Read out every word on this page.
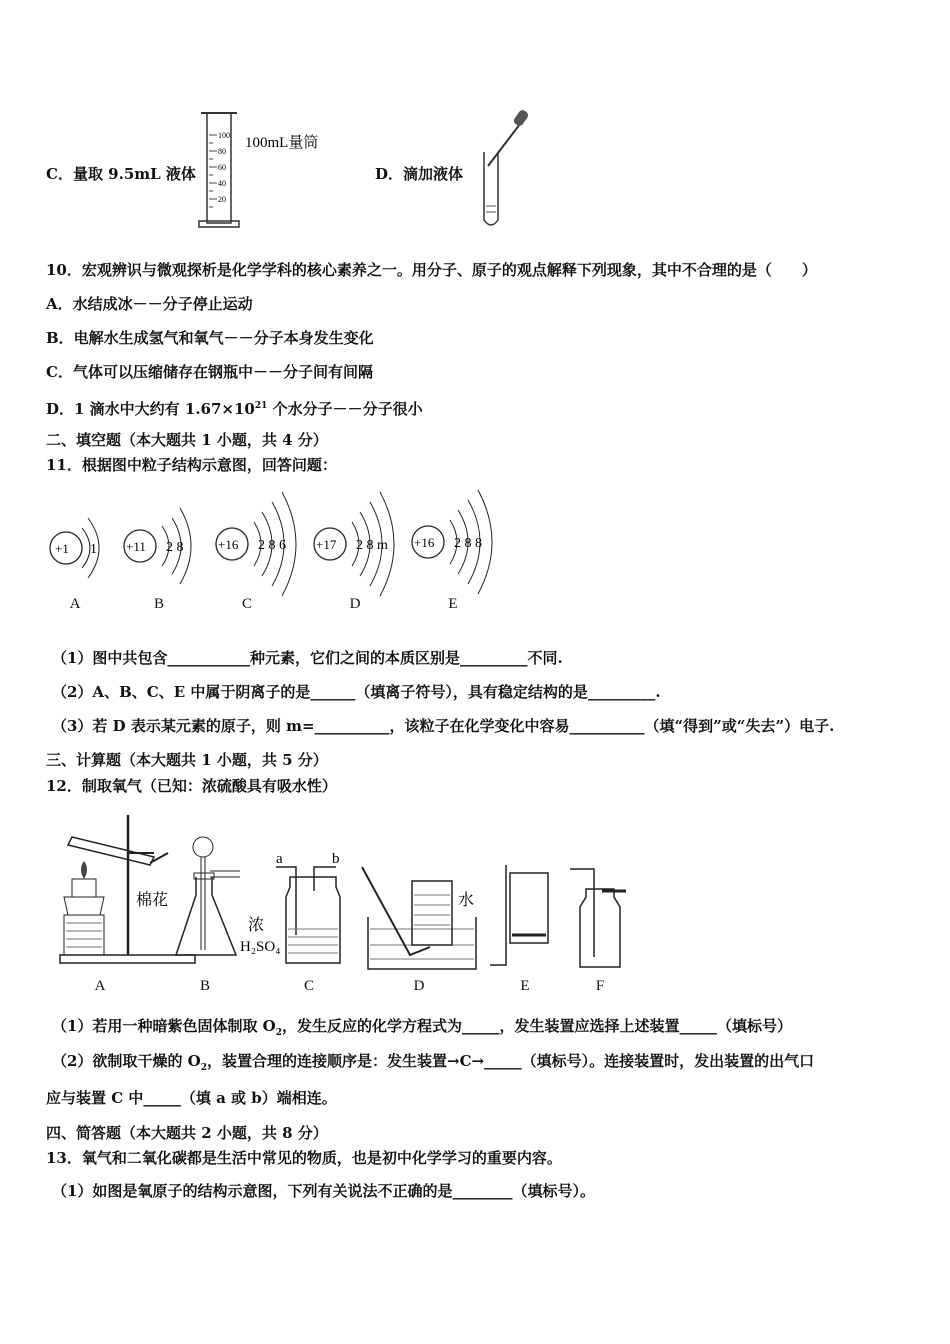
C．量取 9.5mL 液体
100
80
60
40
20
100mL量筒
D．滴加液体
10．宏观辨识与微观探析是化学学科的核心素养之一。用分子、原子的观点解释下列现象，其中不合理的是（　　）
A．水结成冰－－分子停止运动
B．电解水生成氢气和氧气－－分子本身发生变化
C．气体可以压缩储存在钢瓶中－－分子间有间隔
D．1 滴水中大约有 $1.67\times 10^{21}$ 个水分子－－分子很小
二、填空题（本大题共 1 小题，共 4 分）
11．根据图中粒子结构示意图，回答问题：
+1 1 +11 2 8	+16 2 8 6 +17 2 8 m +16 2 8 8
A	B	C	D	E
（1）图中共包含___________种元素，它们之间的本质区别是_________不同.
（2）A、B、C、E 中属于阴离子的是______（填离子符号），具有稳定结构的是_________.
（3）若 D 表示某元素的原子，则 m=__________，该粒子在化学变化中容易__________（填“得到”或“失去”）电子.
三、计算题（本大题共 1 小题，共 5 分）
12．制取氧气（已知：浓硫酸具有吸水性）
棉花
a	b
浓
H₂SO₄
水
A	B	C	D	E	F
（1）若用一种暗紫色固体制取 $O_2$，发生反应的化学方程式为_____，发生装置应选择上述装置_____（填标号）
（2）欲制取干燥的 $O_2$，装置合理的连接顺序是：发生装置→C→_____（填标号）。连接装置时，发出装置的出气口
应与装置 C 中_____（填 a 或 b）端相连。
四、简答题（本大题共 2 小题，共 8 分）
13．氧气和二氧化碳都是生活中常见的物质，也是初中化学学习的重要内容。
（1）如图是氧原子的结构示意图，下列有关说法不正确的是________（填标号）。
